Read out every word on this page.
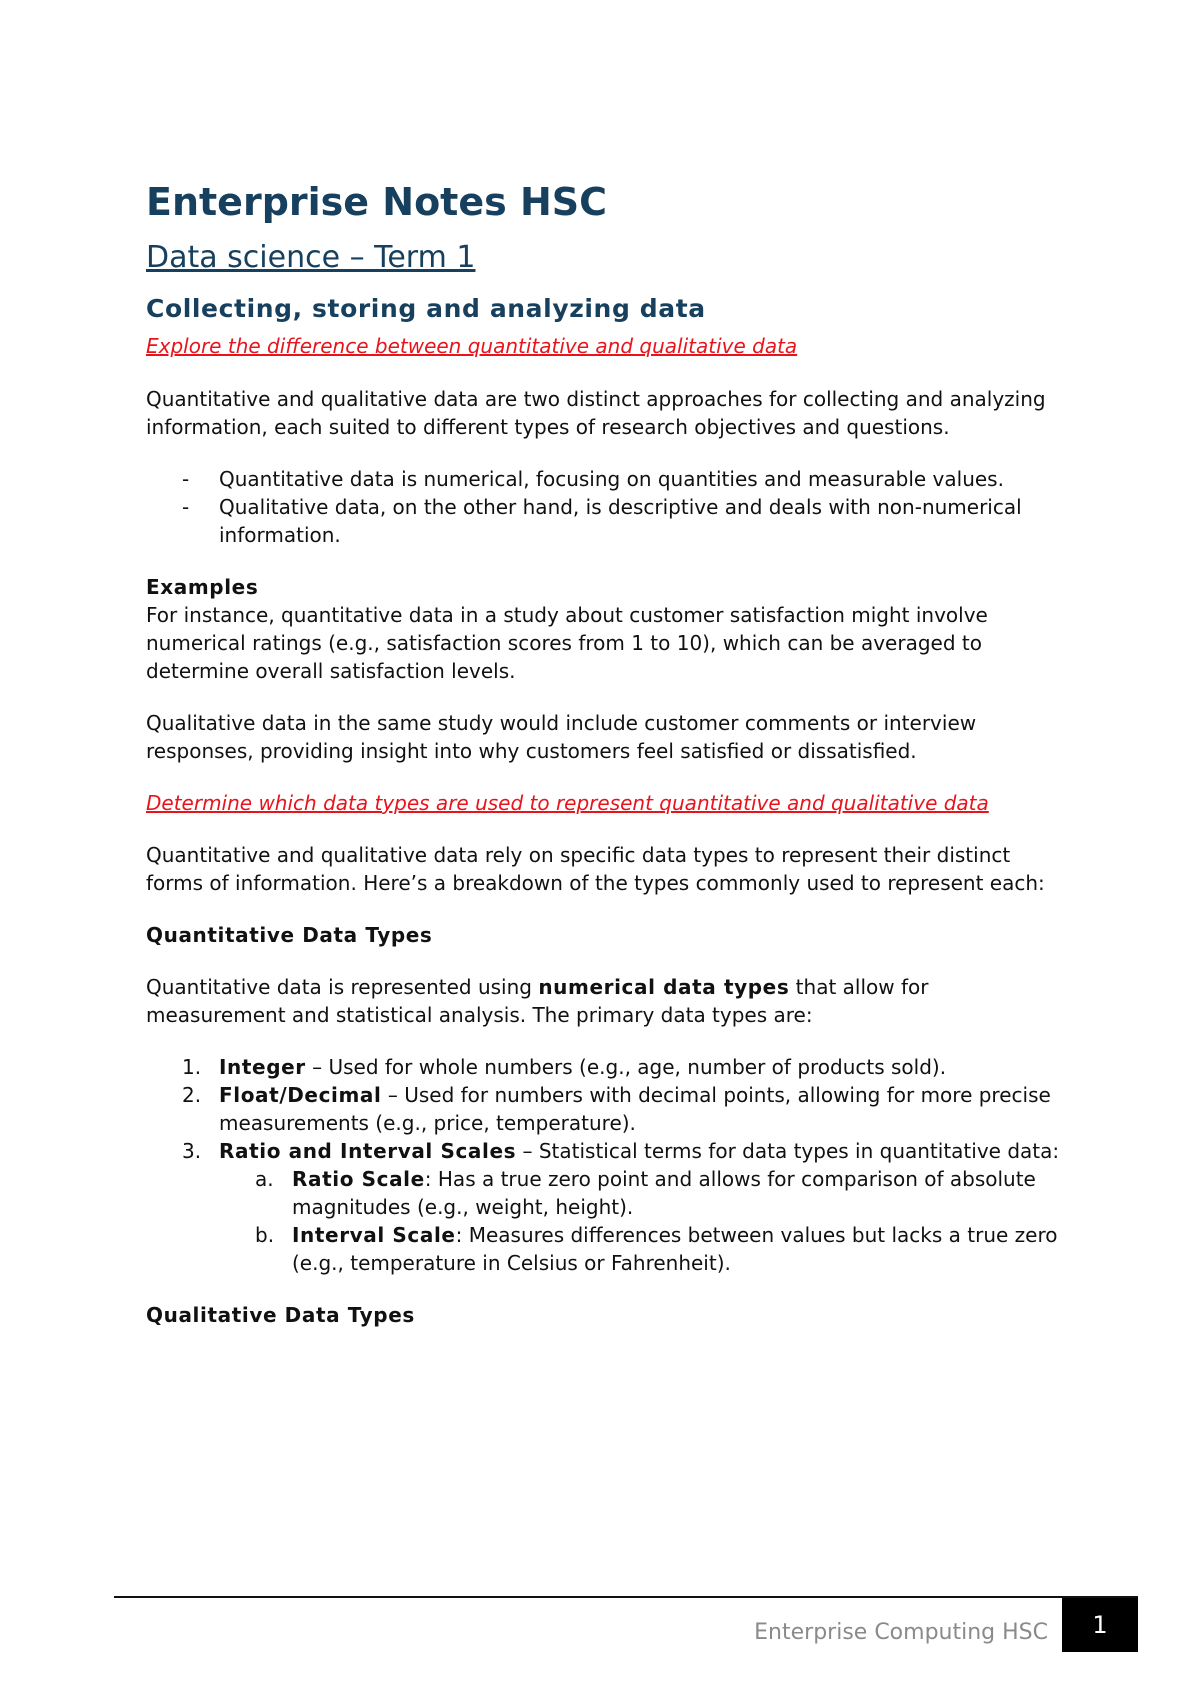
Enterprise Notes HSC

Data science – Term 1

Collecting, storing and analyzing data

Explore the difference between quantitative and qualitative data

Quantitative and qualitative data are two distinct approaches for collecting and analyzing information, each suited to different types of research objectives and questions.

- Quantitative data is numerical, focusing on quantities and measurable values.
- Qualitative data, on the other hand, is descriptive and deals with non-numerical information.

Examples

For instance, quantitative data in a study about customer satisfaction might involve numerical ratings (e.g., satisfaction scores from 1 to 10), which can be averaged to determine overall satisfaction levels.

Qualitative data in the same study would include customer comments or interview responses, providing insight into why customers feel satisfied or dissatisfied.

Determine which data types are used to represent quantitative and qualitative data

Quantitative and qualitative data rely on specific data types to represent their distinct forms of information. Here’s a breakdown of the types commonly used to represent each:

Quantitative Data Types

Quantitative data is represented using numerical data types that allow for measurement and statistical analysis. The primary data types are:

1. Integer – Used for whole numbers (e.g., age, number of products sold).
2. Float/Decimal – Used for numbers with decimal points, allowing for more precise measurements (e.g., price, temperature).
3. Ratio and Interval Scales – Statistical terms for data types in quantitative data:
a. Ratio Scale: Has a true zero point and allows for comparison of absolute magnitudes (e.g., weight, height).
b. Interval Scale: Measures differences between values but lacks a true zero (e.g., temperature in Celsius or Fahrenheit).

Qualitative Data Types

Enterprise Computing HSC	1
